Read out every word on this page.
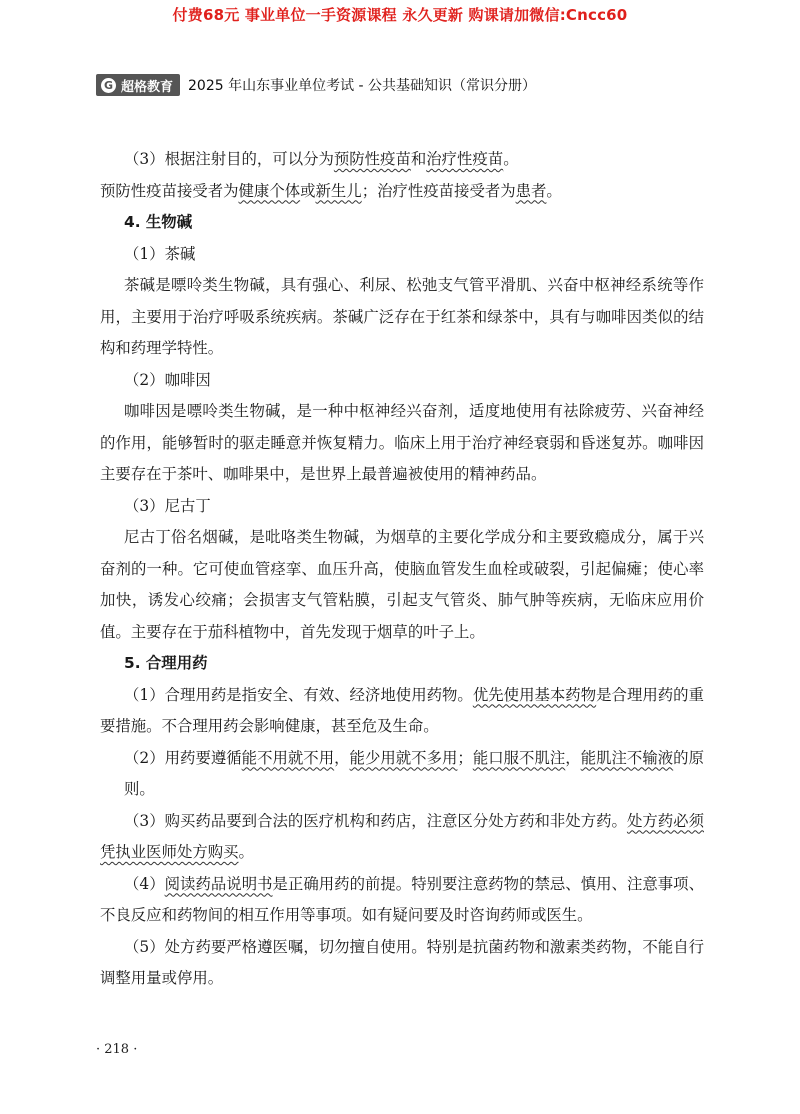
付费68元 事业单位一手资源课程 永久更新 购课请加微信:Cncc60
G 超格教育 2025 年山东事业单位考试 - 公共基础知识（常识分册）

（3）根据注射目的，可以分为预防性疫苗和治疗性疫苗。

预防性疫苗接受者为健康个体或新生儿；治疗性疫苗接受者为患者。

4. 生物碱

（1）茶碱

茶碱是嘌呤类生物碱，具有强心、利尿、松弛支气管平滑肌、兴奋中枢神经系统等作用，主要用于治疗呼吸系统疾病。茶碱广泛存在于红茶和绿茶中，具有与咖啡因类似的结构和药理学特性。

（2）咖啡因

咖啡因是嘌呤类生物碱，是一种中枢神经兴奋剂，适度地使用有祛除疲劳、兴奋神经的作用，能够暂时的驱走睡意并恢复精力。临床上用于治疗神经衰弱和昏迷复苏。咖啡因主要存在于茶叶、咖啡果中，是世界上最普遍被使用的精神药品。

（3）尼古丁

尼古丁俗名烟碱，是吡咯类生物碱，为烟草的主要化学成分和主要致瘾成分，属于兴奋剂的一种。它可使血管痉挛、血压升高，使脑血管发生血栓或破裂，引起偏瘫；使心率加快，诱发心绞痛；会损害支气管粘膜，引起支气管炎、肺气肿等疾病，无临床应用价值。主要存在于茄科植物中，首先发现于烟草的叶子上。

5. 合理用药

（1）合理用药是指安全、有效、经济地使用药物。优先使用基本药物是合理用药的重要措施。不合理用药会影响健康，甚至危及生命。

（2）用药要遵循能不用就不用，能少用就不多用；能口服不肌注，能肌注不输液的原则。

（3）购买药品要到合法的医疗机构和药店，注意区分处方药和非处方药。处方药必须凭执业医师处方购买。

（4）阅读药品说明书是正确用药的前提。特别要注意药物的禁忌、慎用、注意事项、不良反应和药物间的相互作用等事项。如有疑问要及时咨询药师或医生。

（5）处方药要严格遵医嘱，切勿擅自使用。特别是抗菌药物和激素类药物，不能自行调整用量或停用。

· 218 ·
